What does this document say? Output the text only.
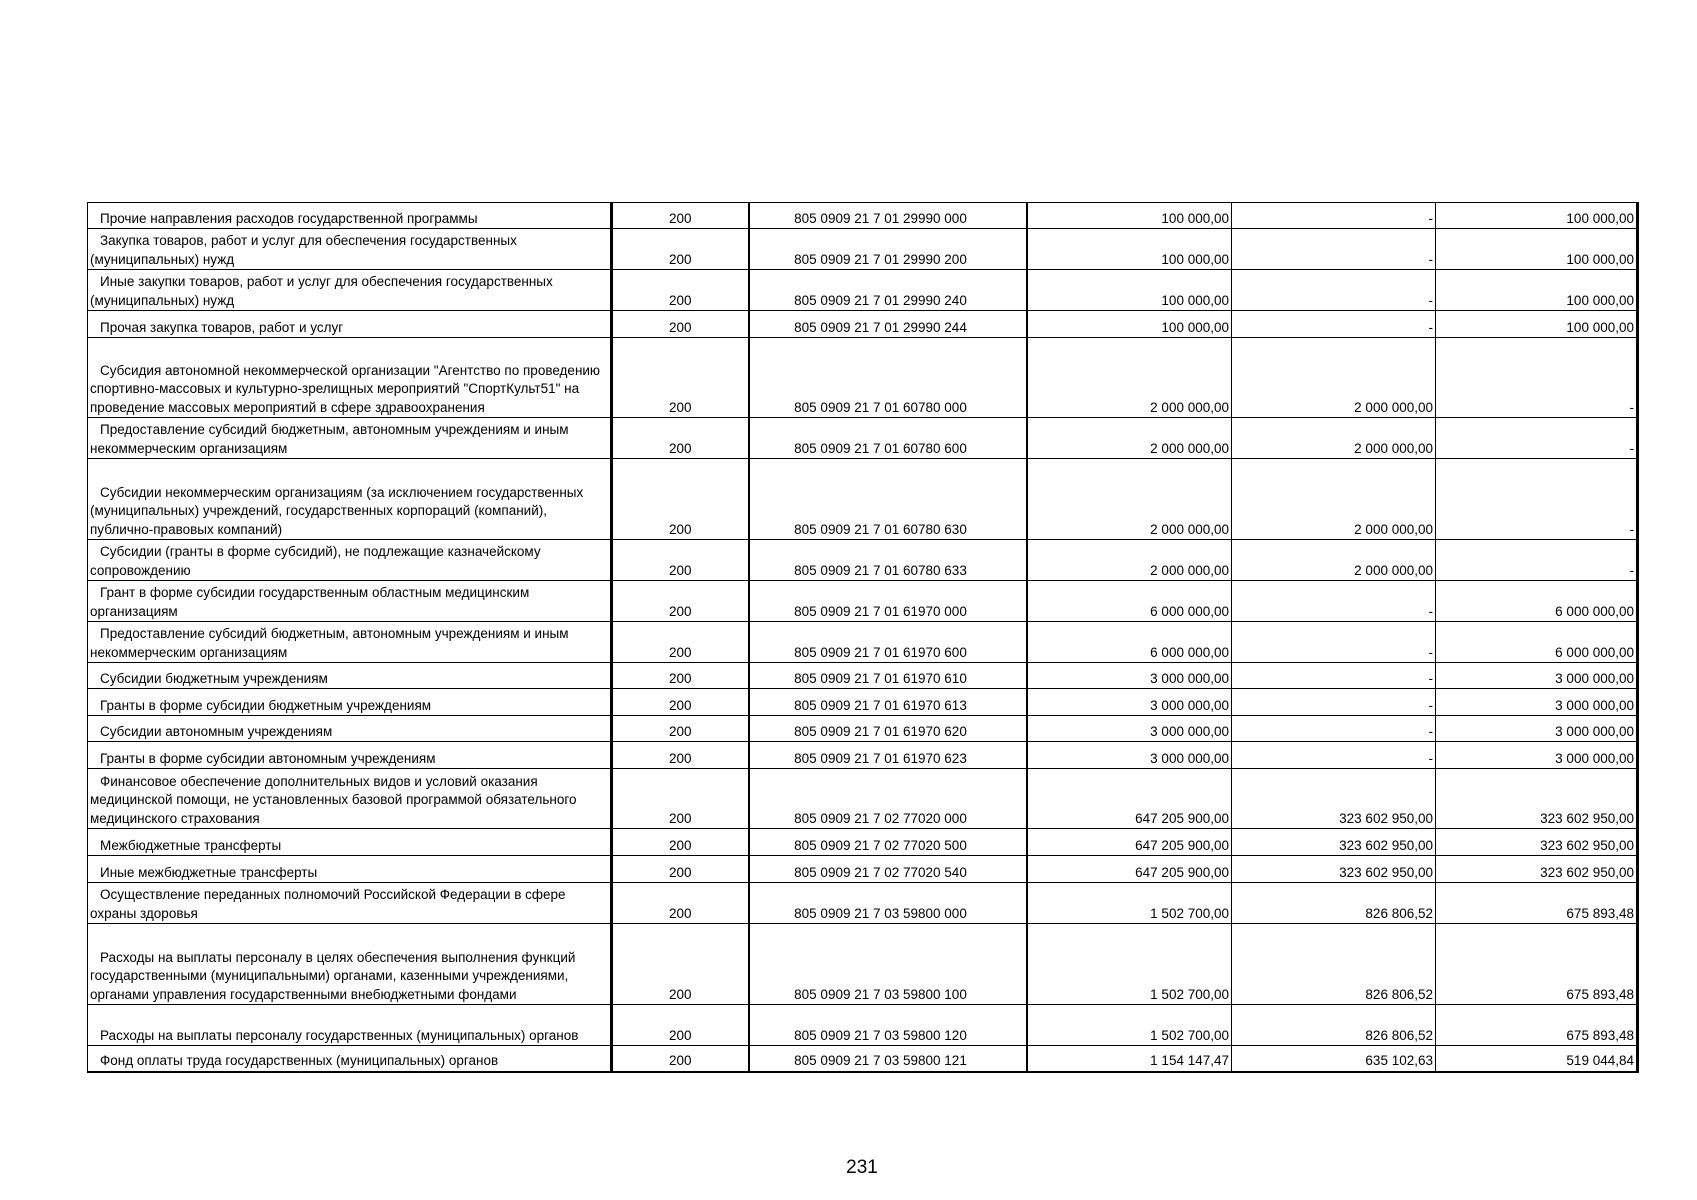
Прочие направления расходов государственной программы	200	805 0909 21 7 01 29990 000	100 000,00	-	100 000,00
Закупка товаров, работ и услуг для обеспечения государственных (муниципальных) нужд	200	805 0909 21 7 01 29990 200	100 000,00	-	100 000,00
Иные закупки товаров, работ и услуг для обеспечения государственных (муниципальных) нужд	200	805 0909 21 7 01 29990 240	100 000,00	-	100 000,00
Прочая закупка товаров, работ и услуг	200	805 0909 21 7 01 29990 244	100 000,00	-	100 000,00
Субсидия автономной некоммерческой организации "Агентство по проведению спортивно-массовых и культурно-зрелищных мероприятий "СпортКульт51" на проведение массовых мероприятий в сфере здравоохранения	200	805 0909 21 7 01 60780 000	2 000 000,00	2 000 000,00	-
Предоставление субсидий бюджетным, автономным учреждениям и иным некоммерческим организациям	200	805 0909 21 7 01 60780 600	2 000 000,00	2 000 000,00	-
Субсидии некоммерческим организациям (за исключением государственных (муниципальных) учреждений, государственных корпораций (компаний), публично-правовых компаний)	200	805 0909 21 7 01 60780 630	2 000 000,00	2 000 000,00	-
Субсидии (гранты в форме субсидий), не подлежащие казначейскому сопровождению	200	805 0909 21 7 01 60780 633	2 000 000,00	2 000 000,00	-
Грант в форме субсидии государственным областным медицинским организациям	200	805 0909 21 7 01 61970 000	6 000 000,00	-	6 000 000,00
Предоставление субсидий бюджетным, автономным учреждениям и иным некоммерческим организациям	200	805 0909 21 7 01 61970 600	6 000 000,00	-	6 000 000,00
Субсидии бюджетным учреждениям	200	805 0909 21 7 01 61970 610	3 000 000,00	-	3 000 000,00
Гранты в форме субсидии бюджетным учреждениям	200	805 0909 21 7 01 61970 613	3 000 000,00	-	3 000 000,00
Субсидии автономным учреждениям	200	805 0909 21 7 01 61970 620	3 000 000,00	-	3 000 000,00
Гранты в форме субсидии автономным учреждениям	200	805 0909 21 7 01 61970 623	3 000 000,00	-	3 000 000,00
Финансовое обеспечение дополнительных видов и условий оказания медицинской помощи, не установленных базовой программой обязательного медицинского страхования	200	805 0909 21 7 02 77020 000	647 205 900,00	323 602 950,00	323 602 950,00
Межбюджетные трансферты	200	805 0909 21 7 02 77020 500	647 205 900,00	323 602 950,00	323 602 950,00
Иные межбюджетные трансферты	200	805 0909 21 7 02 77020 540	647 205 900,00	323 602 950,00	323 602 950,00
Осуществление переданных полномочий Российской Федерации в сфере охраны здоровья	200	805 0909 21 7 03 59800 000	1 502 700,00	826 806,52	675 893,48
Расходы на выплаты персоналу в целях обеспечения выполнения функций государственными (муниципальными) органами, казенными учреждениями, органами управления государственными внебюджетными фондами	200	805 0909 21 7 03 59800 100	1 502 700,00	826 806,52	675 893,48
Расходы на выплаты персоналу государственных (муниципальных) органов	200	805 0909 21 7 03 59800 120	1 502 700,00	826 806,52	675 893,48
Фонд оплаты труда государственных (муниципальных) органов	200	805 0909 21 7 03 59800 121	1 154 147,47	635 102,63	519 044,84
231
